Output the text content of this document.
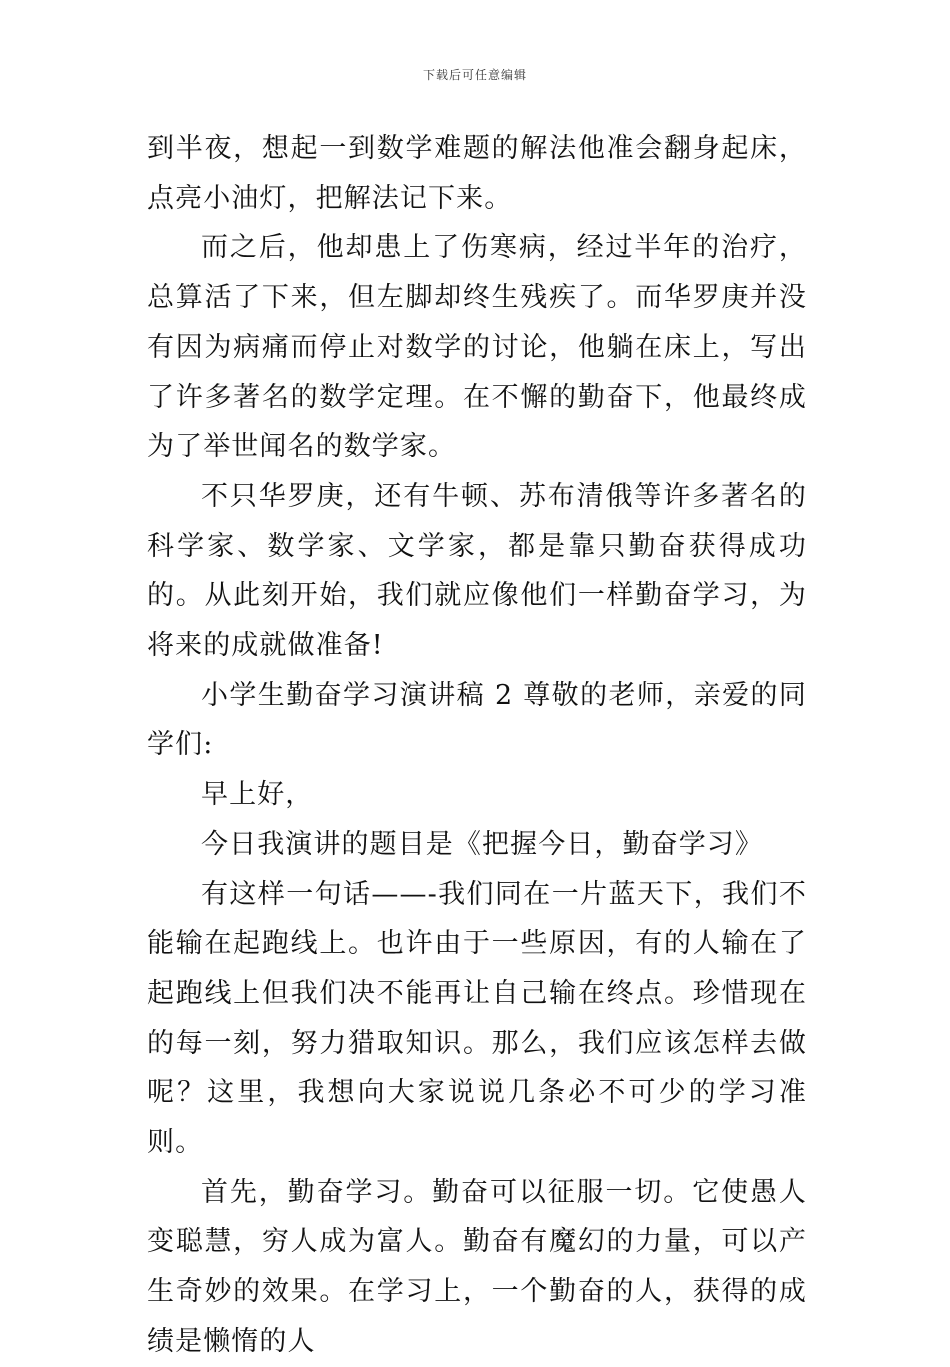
下载后可任意编辑

到半夜，想起一到数学难题的解法他准会翻身起床，点亮小油灯，把解法记下来。

而之后，他却患上了伤寒病，经过半年的治疗，总算活了下来，但左脚却终生残疾了。而华罗庚并没有因为病痛而停止对数学的讨论，他躺在床上，写出了许多著名的数学定理。在不懈的勤奋下，他最终成为了举世闻名的数学家。

不只华罗庚，还有牛顿、苏布清俄等许多著名的科学家、数学家、文学家，都是靠只勤奋获得成功的。从此刻开始，我们就应像他们一样勤奋学习，为将来的成就做准备!

小学生勤奋学习演讲稿 2 尊敬的老师，亲爱的同学们:

早上好，

今日我演讲的题目是《把握今日，勤奋学习》

有这样一句话——-我们同在一片蓝天下，我们不能输在起跑线上。也许由于一些原因，有的人输在了起跑线上但我们决不能再让自己输在终点。珍惜现在的每一刻，努力猎取知识。那么，我们应该怎样去做呢？这里，我想向大家说说几条必不可少的学习准则。

首先，勤奋学习。勤奋可以征服一切。它使愚人变聪慧，穷人成为富人。勤奋有魔幻的力量，可以产生奇妙的效果。在学习上，一个勤奋的人，获得的成绩是懒惰的人
